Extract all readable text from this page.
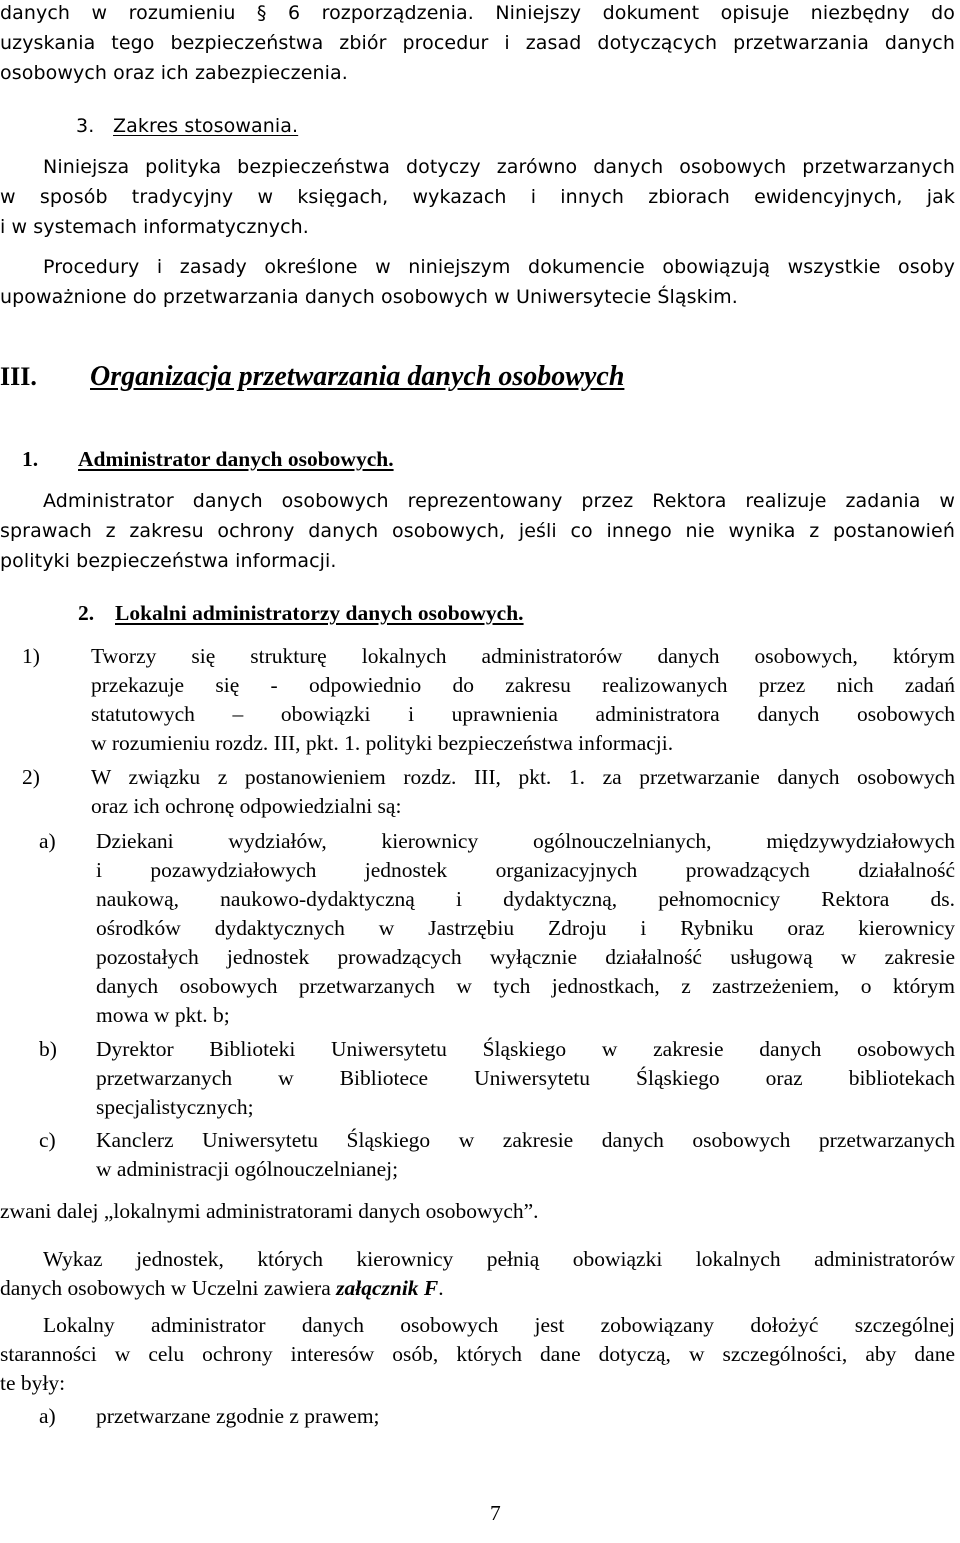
danych w rozumieniu § 6 rozporządzenia. Niniejszy dokument opisuje niezbędny do
uzyskania tego bezpieczeństwa zbiór procedur i zasad dotyczących przetwarzania danych
osobowych oraz ich zabezpieczenia.
3. Zakres stosowania.
Niniejsza polityka bezpieczeństwa dotyczy zarówno danych osobowych przetwarzanych
w sposób tradycyjny w księgach, wykazach i innych zbiorach ewidencyjnych, jak
i w systemach informatycznych.
Procedury i zasady określone w niniejszym dokumencie obowiązują wszystkie osoby
upoważnione do przetwarzania danych osobowych w Uniwersytecie Śląskim.
III. Organizacja przetwarzania danych osobowych
1. Administrator danych osobowych.
Administrator danych osobowych reprezentowany przez Rektora realizuje zadania w
sprawach z zakresu ochrony danych osobowych, jeśli co innego nie wynika z postanowień
polityki bezpieczeństwa informacji.
2. Lokalni administratorzy danych osobowych.
1) Tworzy się strukturę lokalnych administratorów danych osobowych, którym
przekazuje się - odpowiednio do zakresu realizowanych przez nich zadań
statutowych – obowiązki i uprawnienia administratora danych osobowych
w rozumieniu rozdz. III, pkt. 1. polityki bezpieczeństwa informacji.
2) W związku z postanowieniem rozdz. III, pkt. 1. za przetwarzanie danych osobowych
oraz ich ochronę odpowiedzialni są:
a) Dziekani wydziałów, kierownicy ogólnouczelnianych, międzywydziałowych
i pozawydziałowych jednostek organizacyjnych prowadzących działalność
naukową, naukowo-dydaktyczną i dydaktyczną, pełnomocnicy Rektora ds.
ośrodków dydaktycznych w Jastrzębiu Zdroju i Rybniku oraz kierownicy
pozostałych jednostek prowadzących wyłącznie działalność usługową w zakresie
danych osobowych przetwarzanych w tych jednostkach, z zastrzeżeniem, o którym
mowa w pkt. b;
b) Dyrektor Biblioteki Uniwersytetu Śląskiego w zakresie danych osobowych
przetwarzanych w Bibliotece Uniwersytetu Śląskiego oraz bibliotekach
specjalistycznych;
c) Kanclerz Uniwersytetu Śląskiego w zakresie danych osobowych przetwarzanych
w administracji ogólnouczelnianej;
zwani dalej „lokalnymi administratorami danych osobowych”.
Wykaz jednostek, których kierownicy pełnią obowiązki lokalnych administratorów
danych osobowych w Uczelni zawiera załącznik F.
Lokalny administrator danych osobowych jest zobowiązany dołożyć szczególnej
staranności w celu ochrony interesów osób, których dane dotyczą, w szczególności, aby dane
te były:
a) przetwarzane zgodnie z prawem;
7
